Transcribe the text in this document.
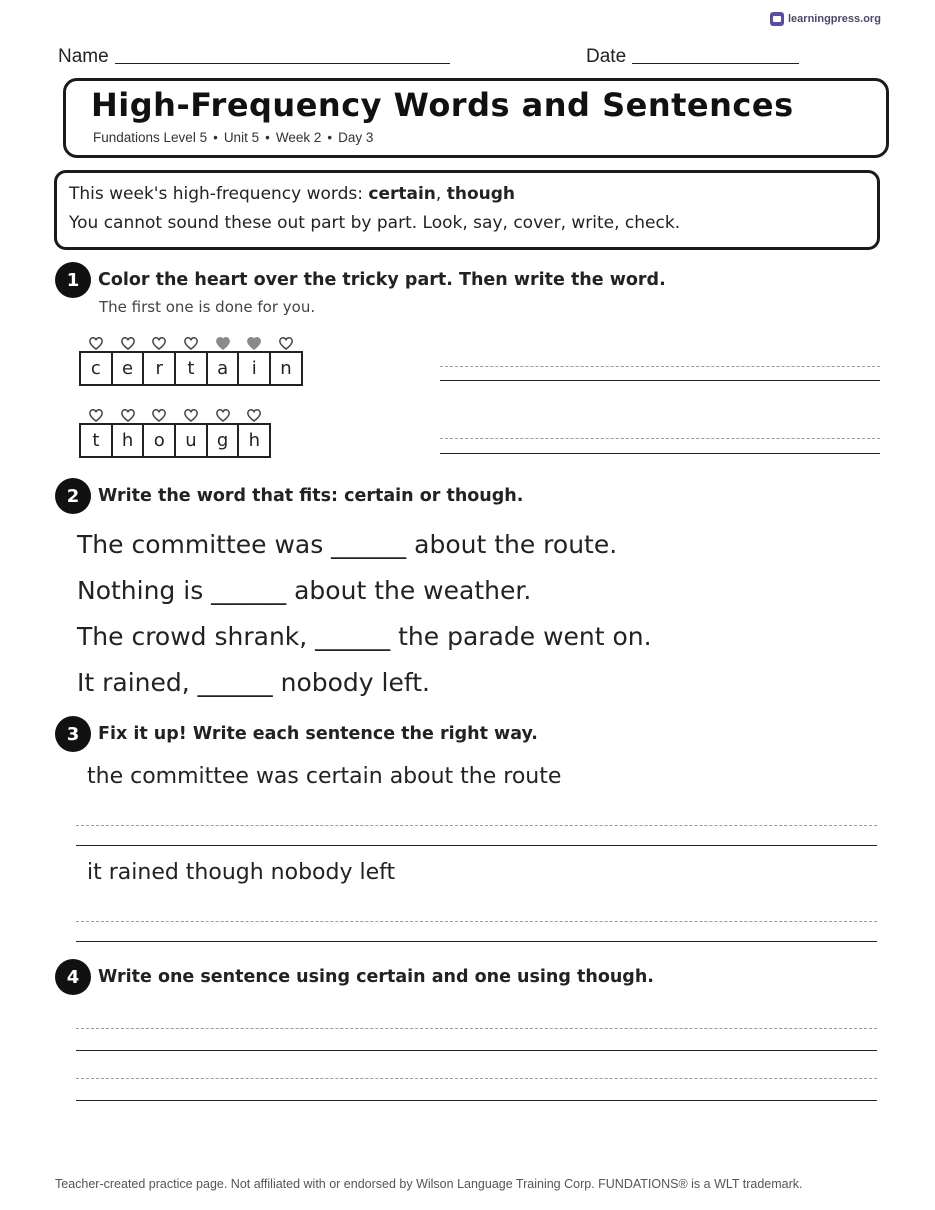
learningpress.org
Name	Date
High-Frequency Words and Sentences
Fundations Level 5 • Unit 5 • Week 2 • Day 3
This week's high-frequency words: certain, though
You cannot sound these out part by part. Look, say, cover, write, check.
1	Color the heart over the tricky part. Then write the word.
The first one is done for you.
c e r t a i n
t h o u g h
2	Write the word that fits: certain or though.
The committee was ______ about the route.
Nothing is ______ about the weather.
The crowd shrank, ______ the parade went on.
It rained, ______ nobody left.
3	Fix it up! Write each sentence the right way.
the committee was certain about the route
it rained though nobody left
4	Write one sentence using certain and one using though.
Teacher-created practice page. Not affiliated with or endorsed by Wilson Language Training Corp. FUNDATIONS® is a WLT trademark.
